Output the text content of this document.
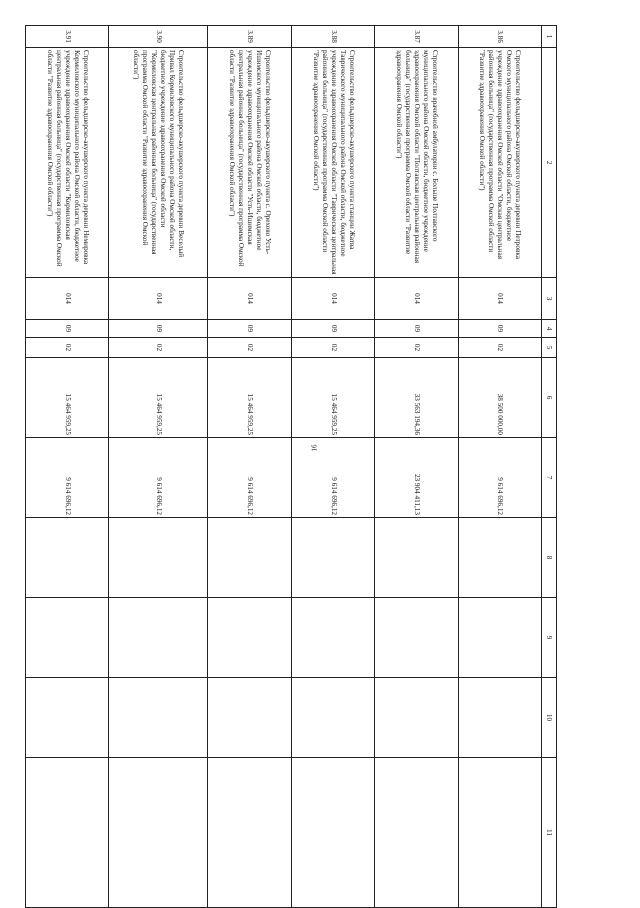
16
1	2	3	4	5	6	7	8	9	10	11
3.86	Строительство фельдшерско-акушерского пункта деревни Петровка Омского муниципального района Омской области, бюджетное учреждение здравоохранения Омской области "Омская центральная районная больница" (государственная программа Омской области "Развитие здравоохранения Омской области")	014	09	02	38 500 000,00	9 614 696,12				
3.87	Строительство врачебной амбулатории с. Больше Полтавского муниципального района Омской области, бюджетное учреждение здравоохранения Омской области "Полтавская центральная районная больница" (государственная программа Омской области "Развитие здравоохранения Омской области")	014	09	02	33 563 194,36	23 904 411,13				
3.88	Строительство фельдшерско-акушерского пункта станции Жатва Таврического муниципального района Омской области, бюджетное учреждение здравоохранения Омской области "Таврическая центральная районная больница" (государственная программа Омской области "Развитие здравоохранения Омской области")	014	09	02	15 464 959,25	9 614 696,12				
3.89	Строительство фельдшерско-акушерского пункта с. Орехово Усть-Ишимского муниципального района Омской области, бюджетное учреждение здравоохранения Омской области "Усть-Ишимская центральная районная больница" (государственная программа Омской области "Развитие здравоохранения Омской области")	014	09	02	15 464 959,25	9 614 696,12				
3.90	Строительство фельдшерско-акушерского пункта деревни Веселый Привал Кормиловского муниципального района Омской области, бюджетное учреждение здравоохранения Омской области "Кормиловская центральная районная больница" (государственная программа Омской области "Развитие здравоохранения Омской области")	014	09	02	15 464 959,25	9 614 696,12				
3.91	Строительство фельдшерско-акушерского пункта деревни Немировка Кормиловского муниципального района Омской области, бюджетное учреждение здравоохранения Омской области "Кормиловская центральная районная больница" (государственная программа Омской области "Развитие здравоохранения Омской области")	014	09	02	15 464 959,25	9 614 696,12				
